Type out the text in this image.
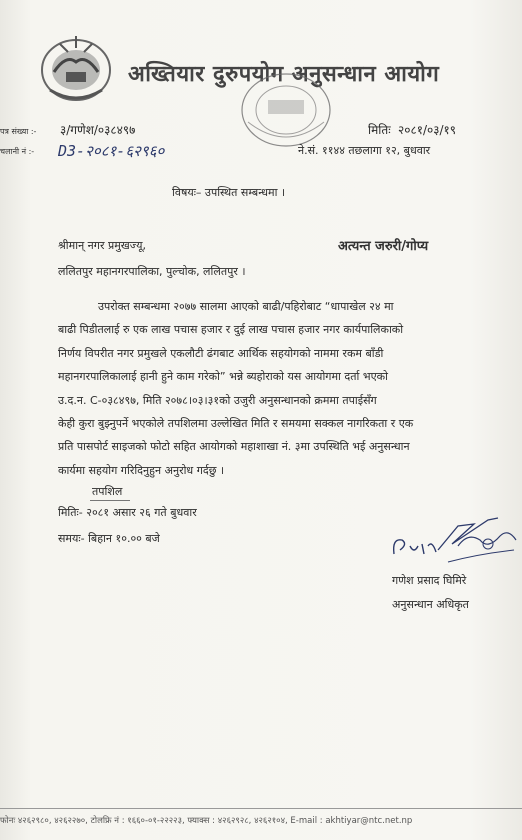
अख्तियार दुरुपयोग अनुसन्धान आयोग
पत्र संख्या :-
चलानी नं :-
३/गणेश/०३८४९७
D3-२०८१-६२९६०
मितिः २०८१/०३/१९
ने.सं. ११४४ तछलागा १२, बुधवार
विषयः– उपस्थित सम्बन्धमा ।
श्रीमान् नगर प्रमुखज्यू,
ललितपुर महानगरपालिका, पुल्चोक, ललितपुर ।
अत्यन्त जरुरी/गोप्य
उपरोक्त सम्बन्धमा २०७७ सालमा आएको बाढी/पहिरोबाट “धापाखेल २४ मा
बाढी पिडीतलाई रु एक लाख पचास हजार र दुई लाख पचास हजार नगर कार्यपालिकाको
निर्णय विपरीत नगर प्रमुखले एकलौटी ढंगबाट आर्थिक सहयोगको नाममा रकम बाँडी
महानगरपालिकालाई हानी हुने काम गरेको” भन्ने ब्यहोराको यस आयोगमा दर्ता भएको
उ.द.न. C-०३८४९७, मिति २०७८।०३।३१को उजुरी अनुसन्धानको क्रममा तपाईसँग
केही कुरा बुझ्नुपर्ने भएकोले तपशिलमा उल्लेखित मिति र समयमा सक्कल नागरिकता र एक
प्रति पासपोर्ट साइजको फोटो सहित आयोगको महाशाखा नं. ३मा उपस्थिति भई अनुसन्धान
कार्यमा सहयोग गरिदिनुहुन अनुरोध गर्दछु ।
तपशिल
मितिः- २०८१ असार २६ गते बुधवार
समयः- बिहान १०.०० बजे
गणेश प्रसाद घिमिरे
अनुसन्धान अधिकृत
फोनः ४२६२९८०, ४२६२२७०, टोलफ्रि नं : १६६०-०१-२२२२३, फ्याक्स : ४२६२९२८, ४२६२१०४, E-mail : akhtiyar@ntc.net.np
